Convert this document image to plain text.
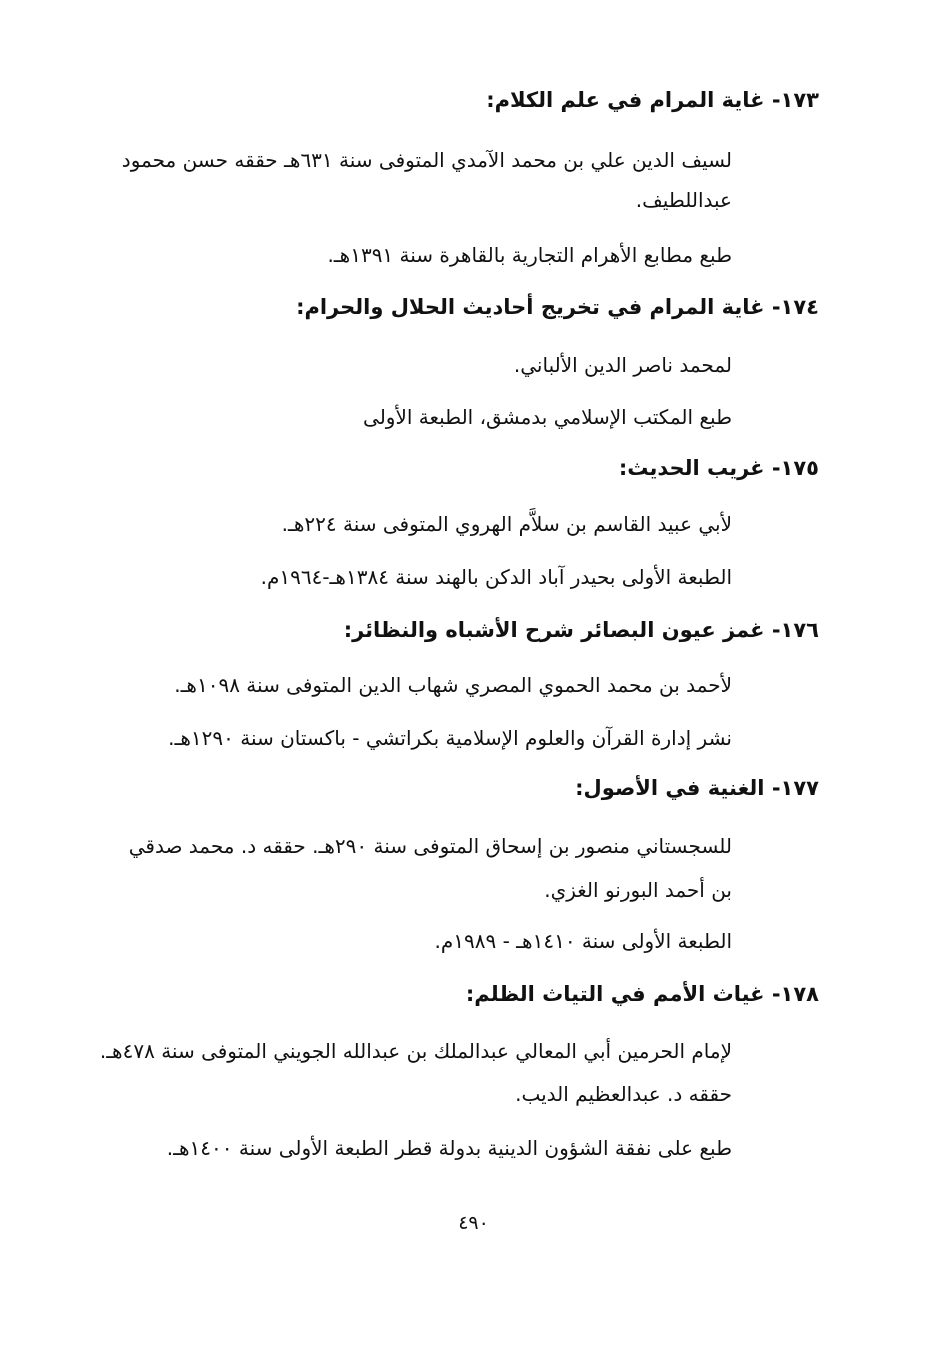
١٧٣- غاية المرام في علم الكلام:
لسيف الدين علي بن محمد الآمدي المتوفى سنة ٦٣١هـ حققه حسن محمود
عبداللطيف.
طبع مطابع الأهرام التجارية بالقاهرة سنة ١٣٩١هـ.
١٧٤- غاية المرام في تخريج أحاديث الحلال والحرام:
لمحمد ناصر الدين الألباني.
طبع المكتب الإسلامي بدمشق، الطبعة الأولى
١٧٥- غريب الحديث:
لأبي عبيد القاسم بن سلاَّم الهروي المتوفى سنة ٢٢٤هـ.
الطبعة الأولى بحيدر آباد الدكن بالهند سنة ١٣٨٤هـ-١٩٦٤م.
١٧٦- غمز عيون البصائر شرح الأشباه والنظائر:
لأحمد بن محمد الحموي المصري شهاب الدين المتوفى سنة ١٠٩٨هـ.
نشر إدارة القرآن والعلوم الإسلامية بكراتشي - باكستان سنة ١٢٩٠هـ.
١٧٧- الغنية في الأصول:
للسجستاني منصور بن إسحاق المتوفى سنة ٢٩٠هـ. حققه د. محمد صدقي
بن أحمد البورنو الغزي.
الطبعة الأولى سنة ١٤١٠هـ - ١٩٨٩م.
١٧٨- غياث الأمم في التياث الظلم:
لإمام الحرمين أبي المعالي عبدالملك بن عبدالله الجويني المتوفى سنة ٤٧٨هـ.
حققه د. عبدالعظيم الديب.
طبع على نفقة الشؤون الدينية بدولة قطر الطبعة الأولى سنة ١٤٠٠هـ.
٤٩٠
